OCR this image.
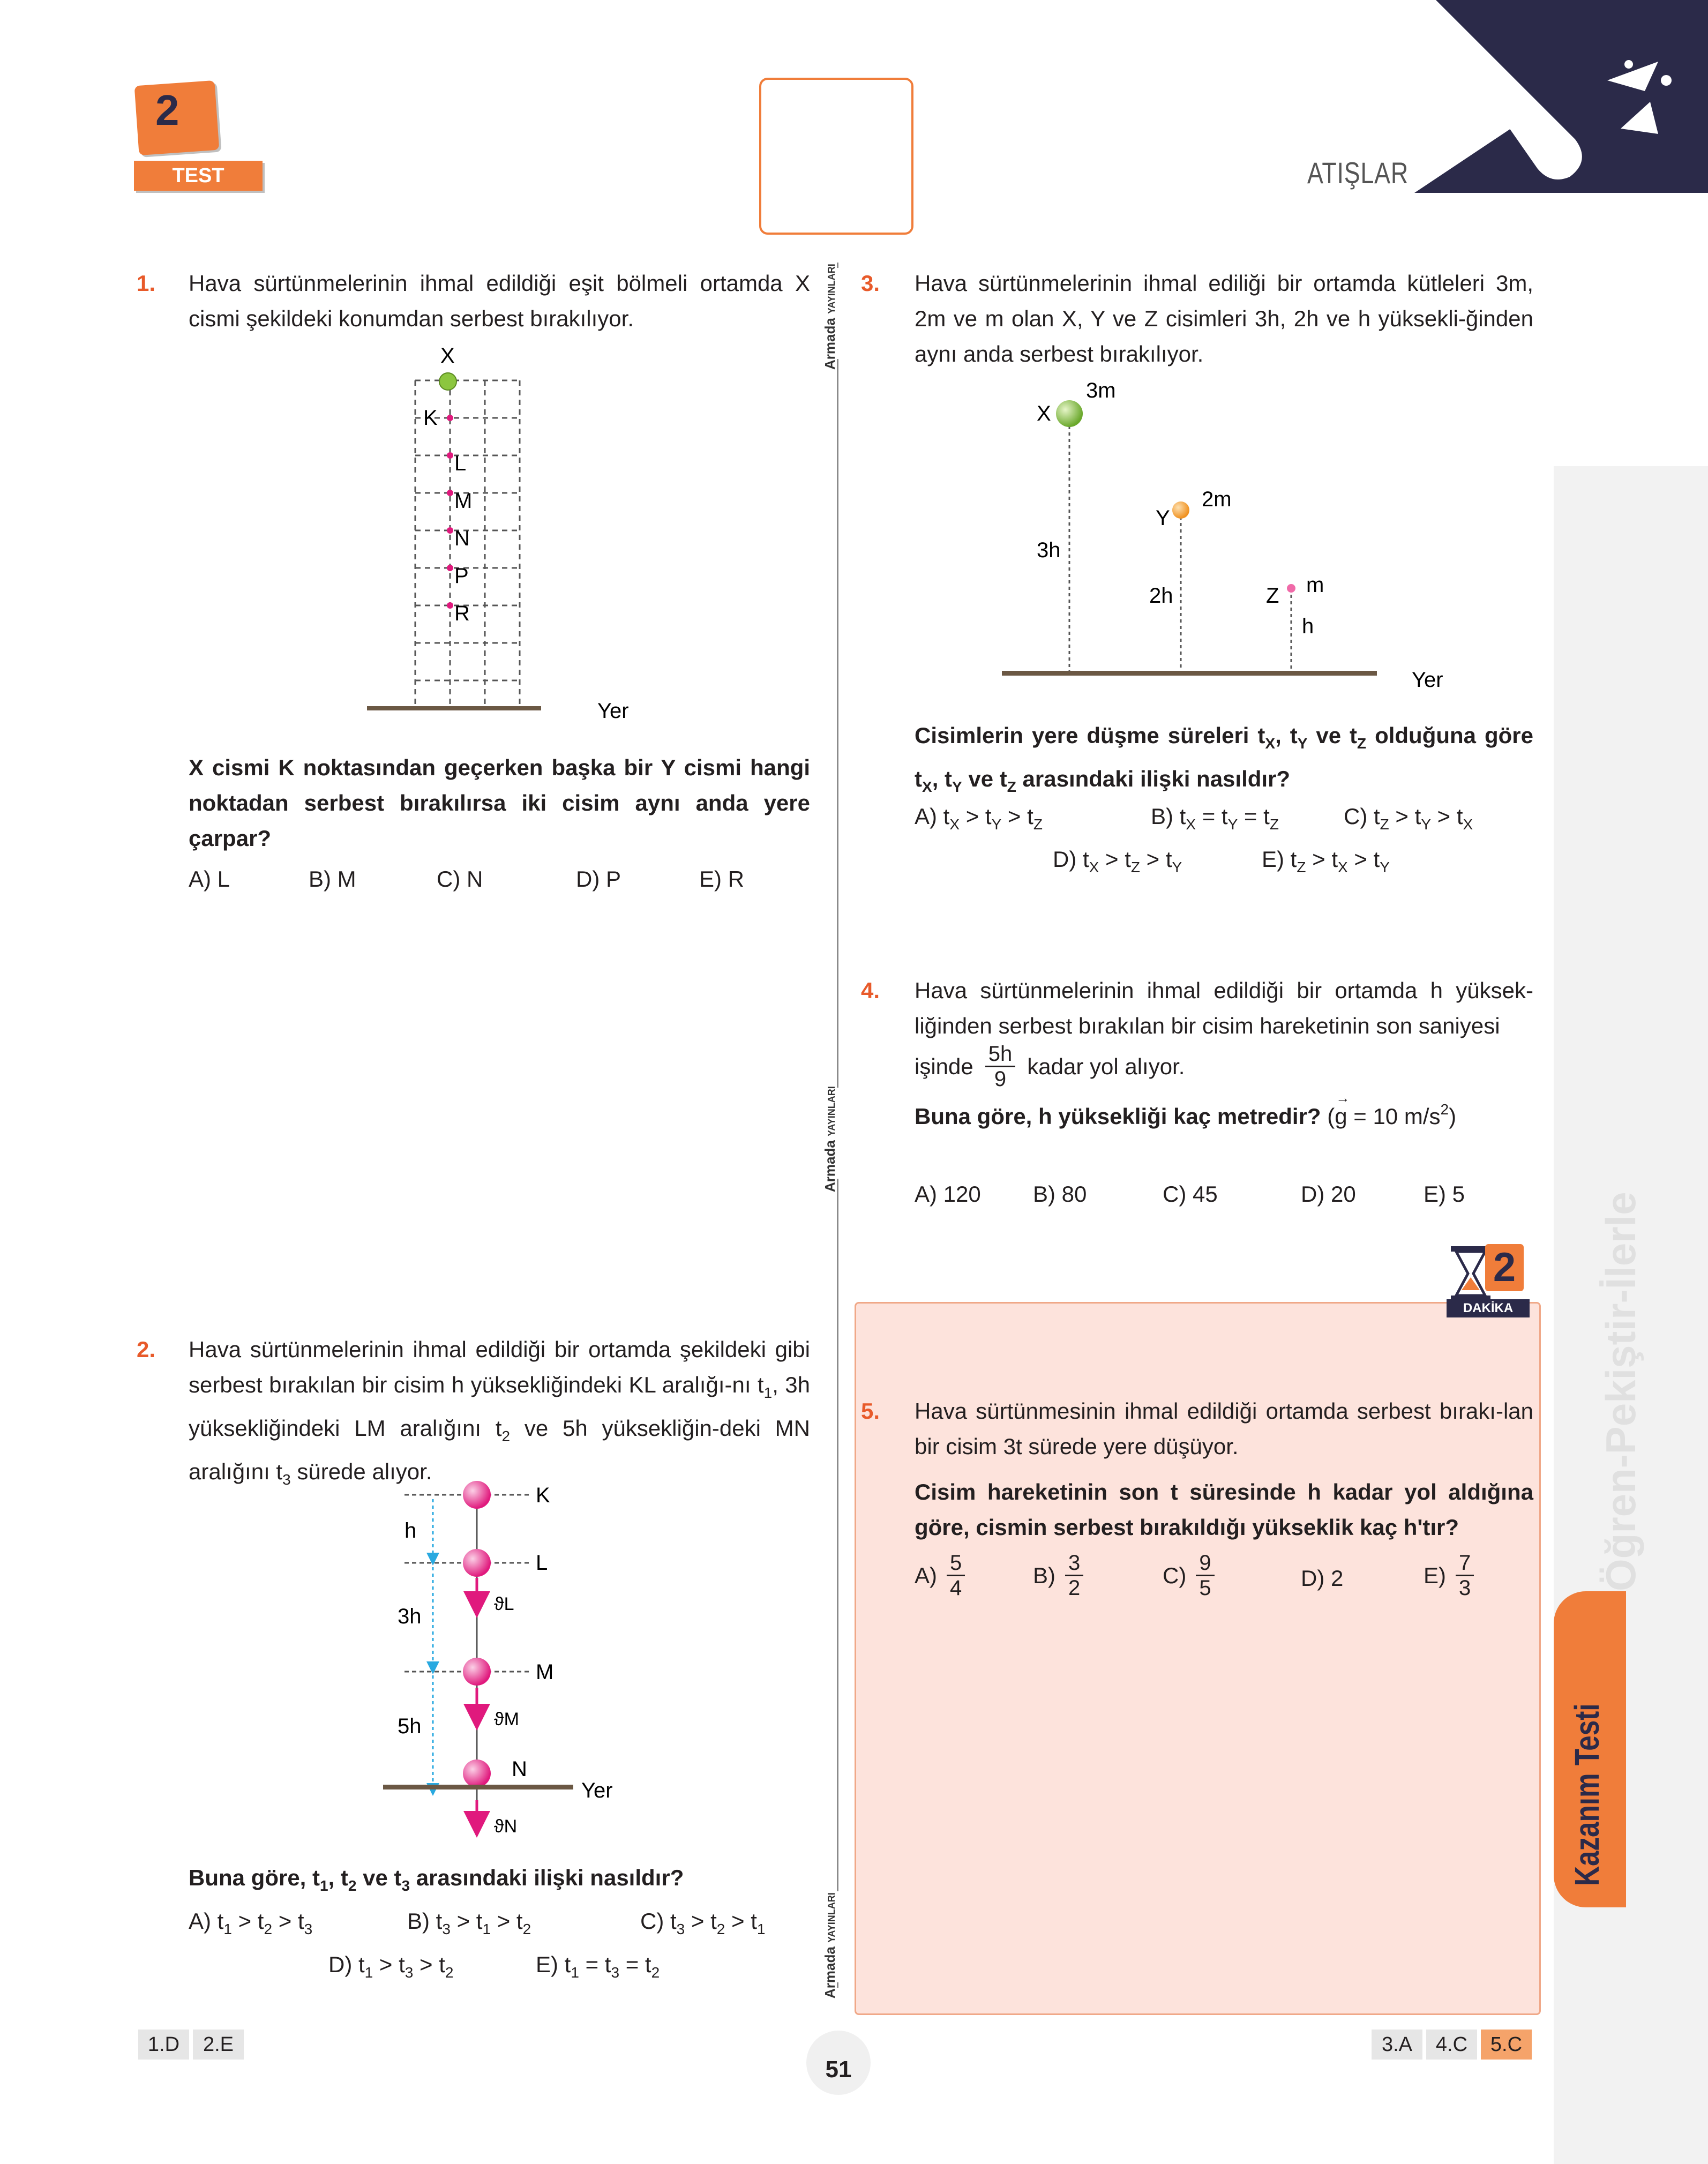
2
TEST	ATIŞLAR
Öğren-Pekiştir-İlerle
Kazanım Testi
Armada YAYINLARI
Armada YAYINLARI
Armada YAYINLARI
1. Hava sürtünmelerinin ihmal edildiği eşit bölmeli ortamda X cismi şekildeki konumdan serbest bırakılıyor.
X
K
L
M
N
P
R
Yer
X cismi K noktasından geçerken başka bir Y cismi hangi noktadan serbest bırakılırsa iki cisim aynı anda yere çarpar?
A) L	B) M	C) N	D) P	E) R
2. Hava sürtünmelerinin ihmal edildiği bir ortamda şekildeki gibi serbest bırakılan bir cisim h yüksekliğindeki KL aralığı-nı $t_1$, 3h yüksekliğindeki LM aralığını $t_2$ ve 5h yüksekliğin-deki MN aralığını $t_3$ sürede alıyor.
K
L
M
N
h
3h
5h
ϑL
ϑM
ϑN
Yer
Buna göre, $t_1$, $t_2$ ve $t_3$ arasındaki ilişki nasıldır?
A) $t_1 > t_2 > t_3$	B) $t_3 > t_1 > t_2$	C) $t_3 > t_2 > t_1$
D) $t_1 > t_3 > t_2$	E) $t_1 = t_3 = t_2$
3. Hava sürtünmelerinin ihmal ediliği bir ortamda kütleleri 3m, 2m ve m olan X, Y ve Z cisimleri 3h, 2h ve h yüksekli-ğinden aynı anda serbest bırakılıyor.
X
Y
Z
3m
2m
m
3h
2h
h
Yer
Cisimlerin yere düşme süreleri $t_X$, $t_Y$ ve $t_Z$ olduğuna göre $t_X$, $t_Y$ ve $t_Z$ arasındaki ilişki nasıldır?
A) $t_X > t_Y > t_Z$	B) $t_X = t_Y = t_Z$	C) $t_Z > t_Y > t_X$
D) $t_X > t_Z > t_Y$	E) $t_Z > t_X > t_Y$
4. Hava sürtünmelerinin ihmal edildiği bir ortamda h yüksek-liğinden serbest bırakılan bir cisim hareketinin son saniyesi
işinde $\frac{5h}{9}$ kadar yol alıyor.
Buna göre, h yüksekliği kaç metredir? (g
→
= 10 $m/s^2$)
A) 120 B) 80	C) 45	D) 20	E) 5
2
DAKİKA
5. Hava sürtünmesinin ihmal edildiği ortamda serbest bırakı-lan bir cisim 3t sürede yere düşüyor.
Cisim hareketinin son t süresinde h kadar yol aldığına göre, cismin serbest bırakıldığı yükseklik kaç h'tır?
$A) \frac{5}{4}$	$B) \frac{3}{2}$	$C) \frac{9}{5}$	D) 2	$E) \frac{7}{3}$
1.D	2.E	3.A	4.C	5.C
51
